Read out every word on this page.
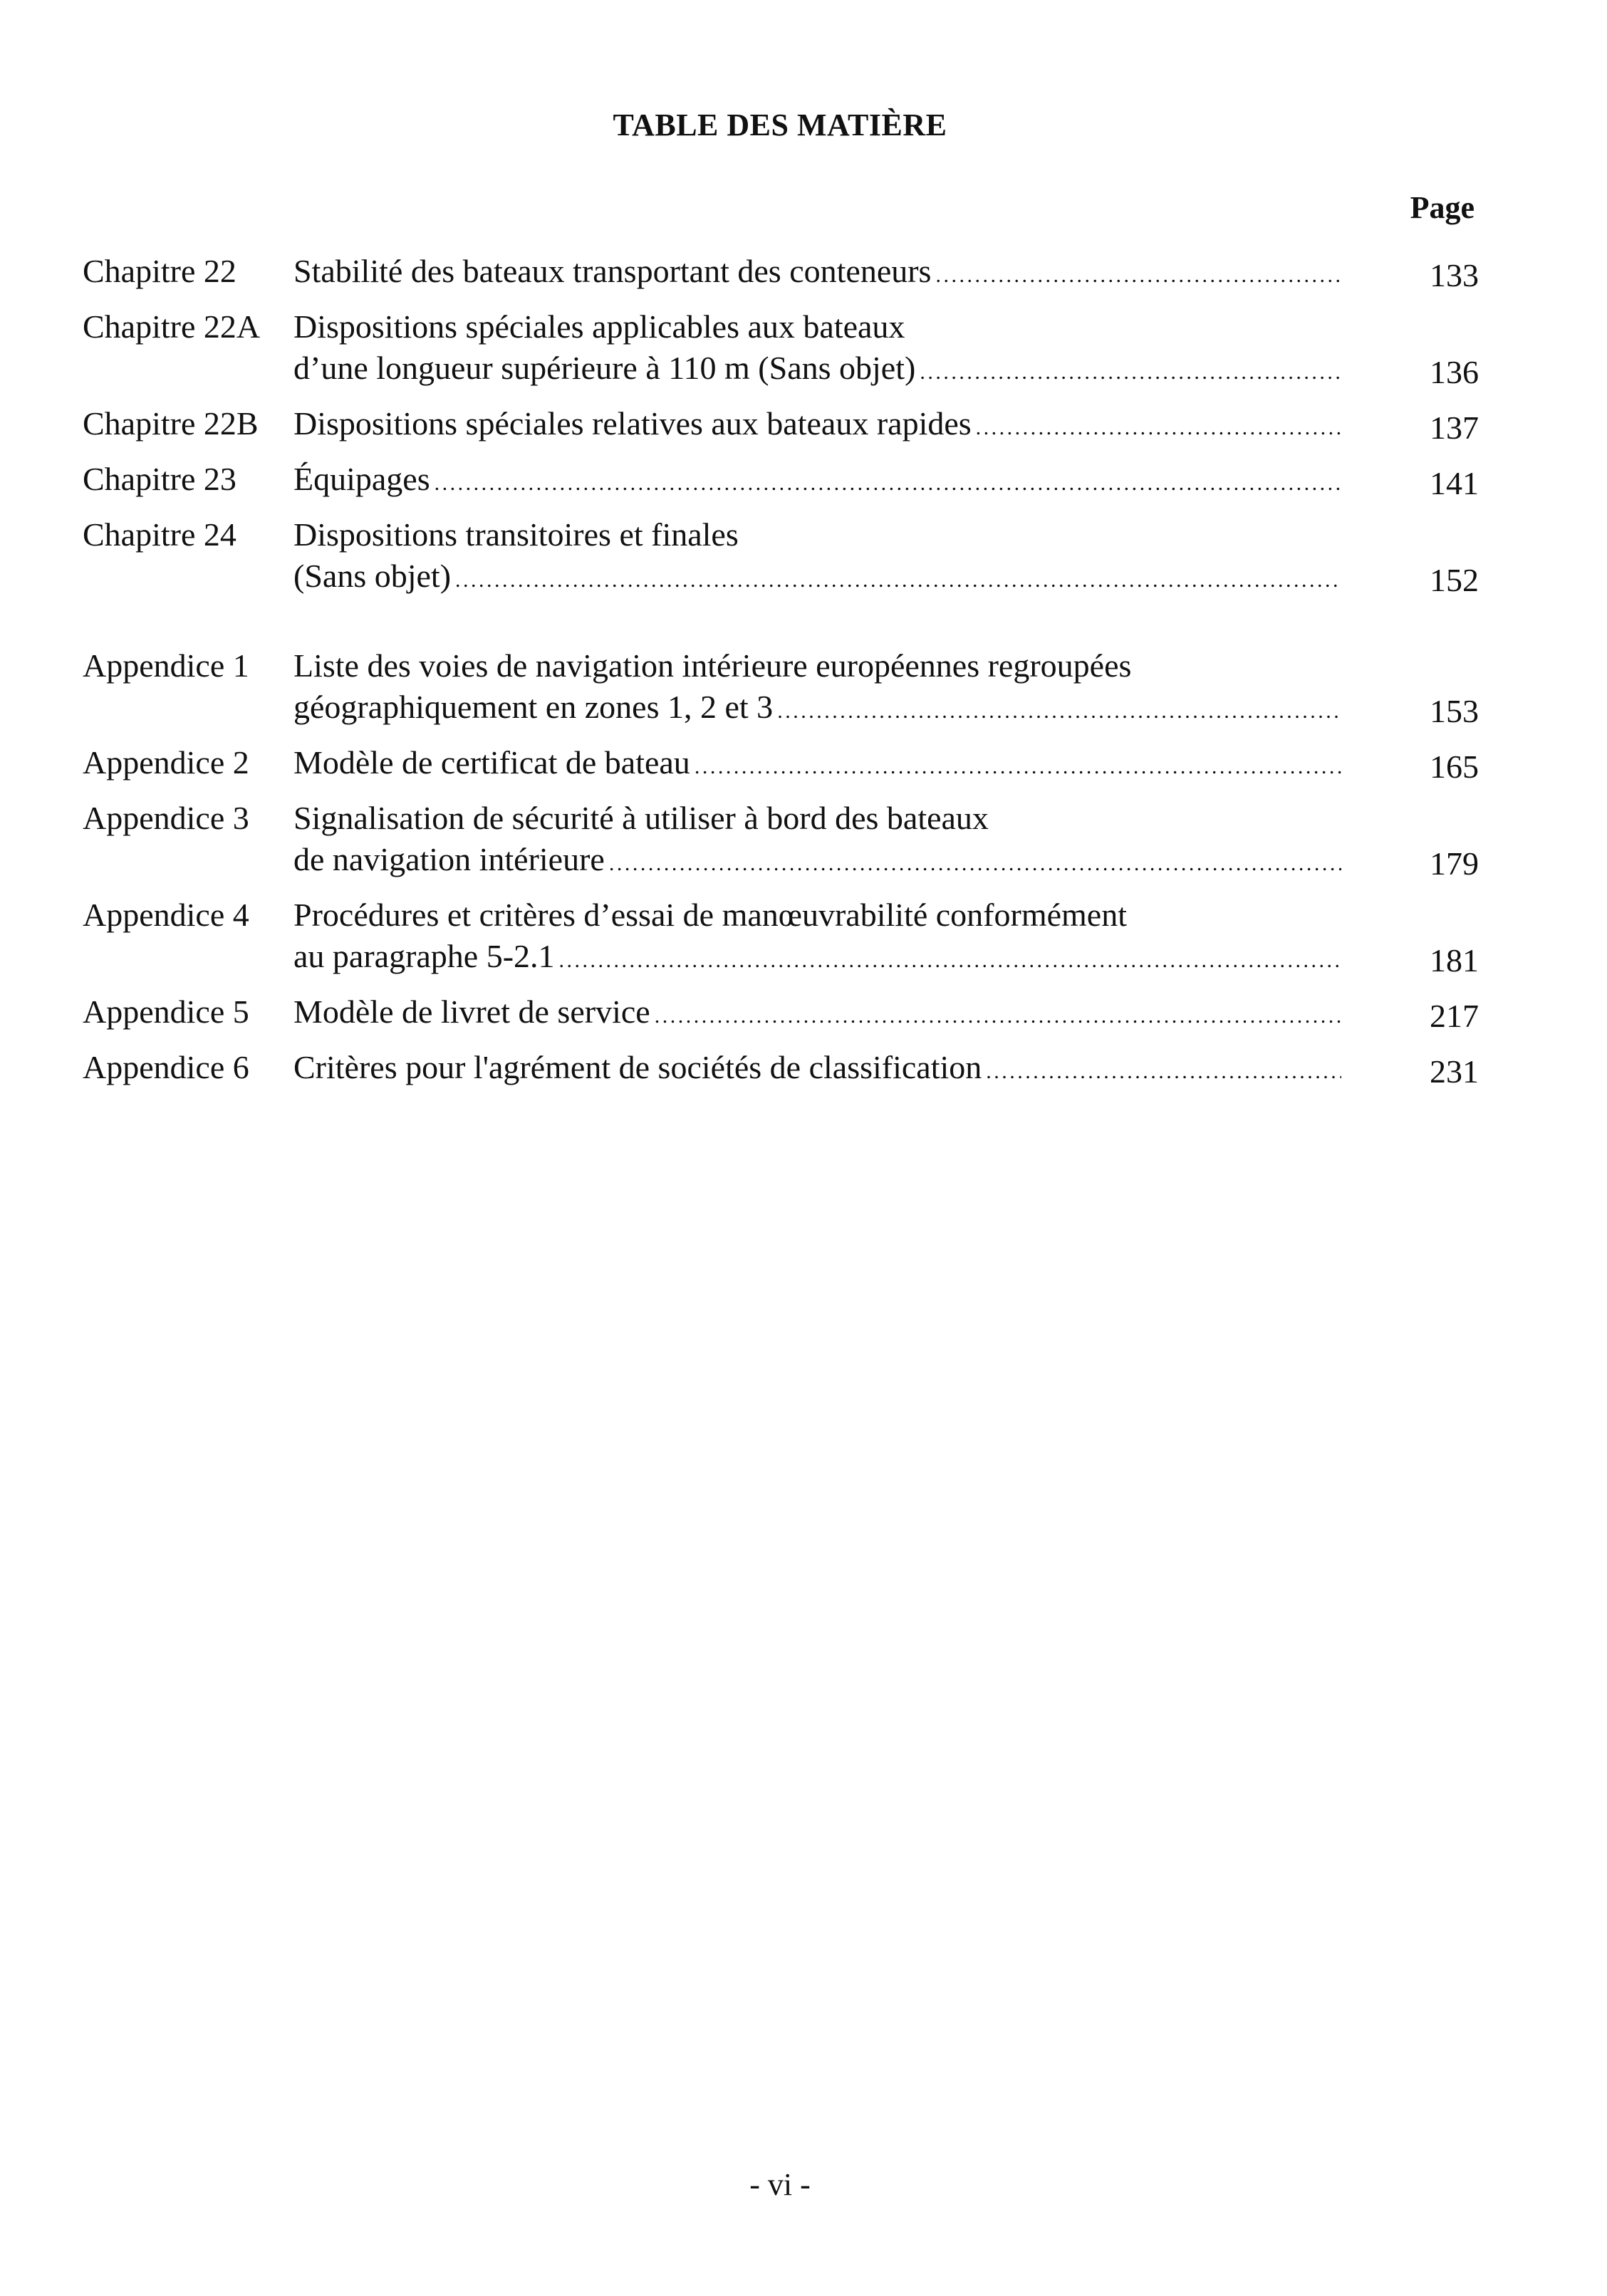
TABLE DES MATIÈRE
Page
Chapitre 22	Stabilité des bateaux transportant des conteneurs . . .	133
Chapitre 22A	Dispositions spéciales applicables aux bateaux
d’une longueur supérieure à 110 m (Sans objet) . . .	136
Chapitre 22B	Dispositions spéciales relatives aux bateaux rapides . . .	137
Chapitre 23	Équipages . . .	141
Chapitre 24	Dispositions transitoires et finales
(Sans objet) . . .	152
Appendice 1	Liste des voies de navigation intérieure européennes regroupées
géographiquement en zones 1, 2 et 3 . . .	153
Appendice 2	Modèle de certificat de bateau . . .	165
Appendice 3	Signalisation de sécurité à utiliser à bord des bateaux
de navigation intérieure . . .	179
Appendice 4	Procédures et critères d’essai de manœuvrabilité conformément
au paragraphe 5-2.1 . . .	181
Appendice 5	Modèle de livret de service . . .	217
Appendice 6	Critères pour l'agrément de sociétés de classification . . .	231
- vi -
